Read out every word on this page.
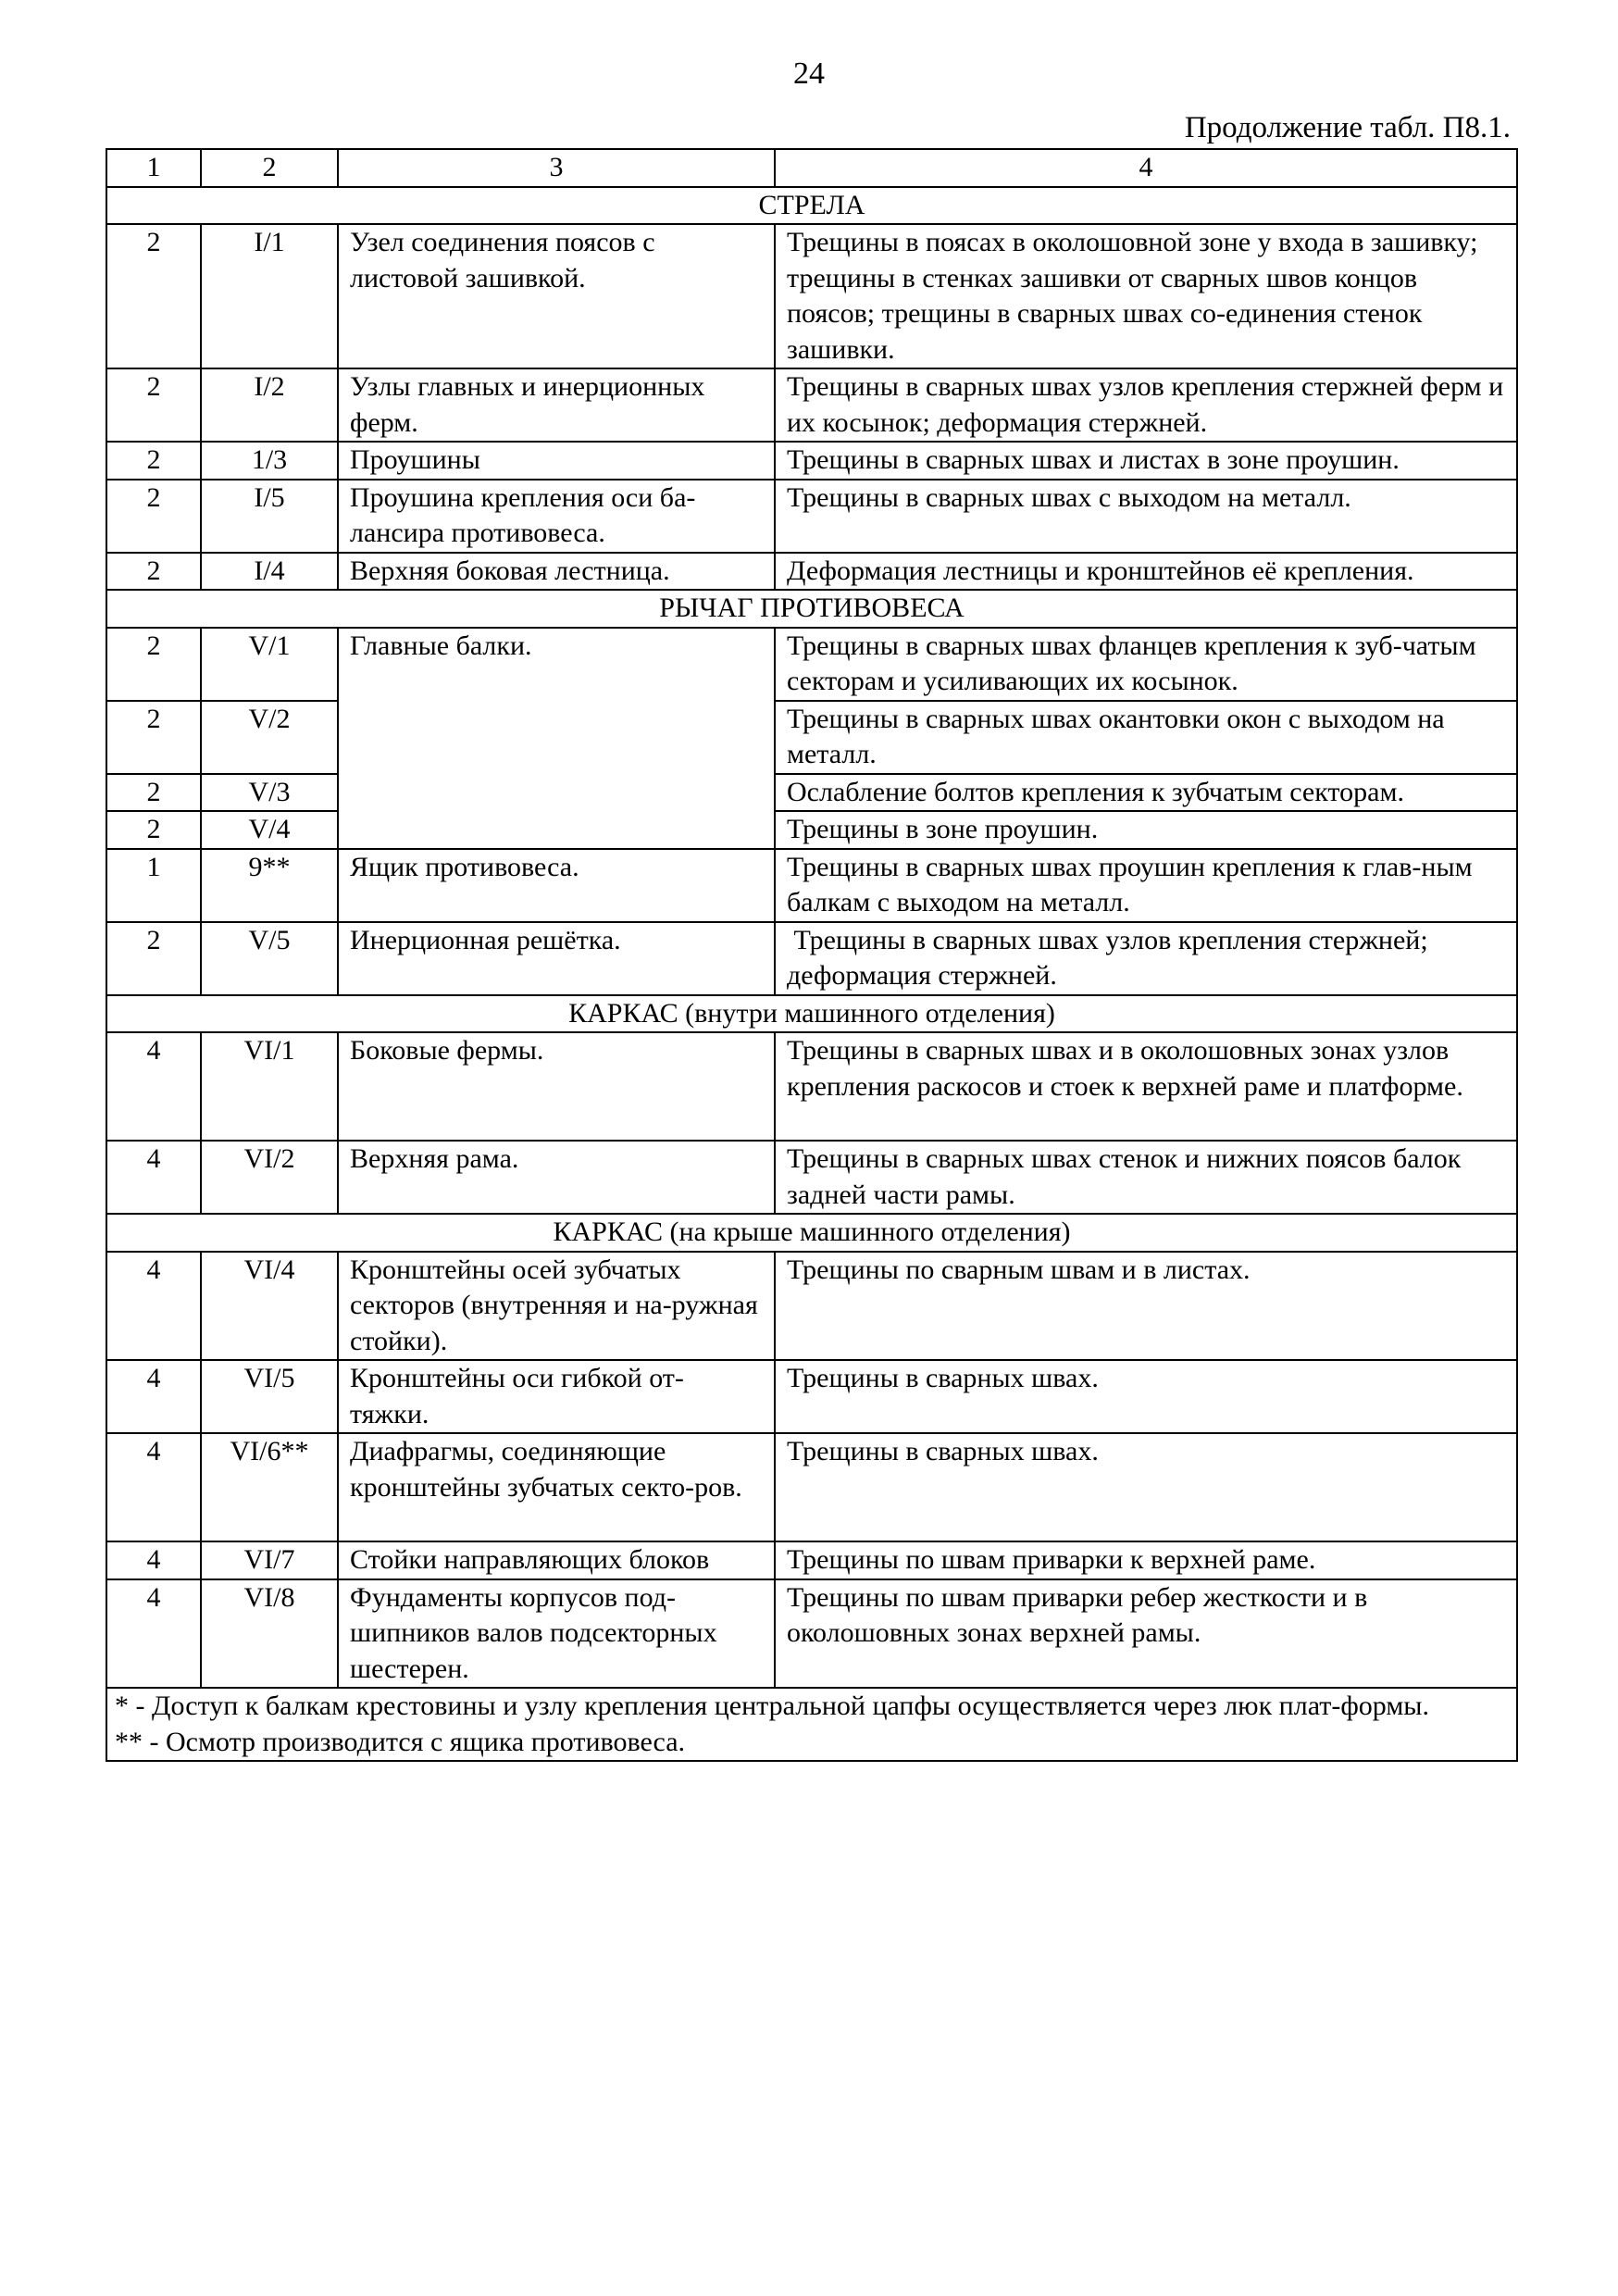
24
Продолжение табл. П8.1.
1	2	3	4
СТРЕЛА			
2	I/1	Узел соединения поясов с листовой зашивкой.	Трещины в поясах в околошовной зоне у входа в зашивку; трещины в стенках зашивки от сварных швов концов поясов; трещины в сварных швах со-единения стенок зашивки.
2	I/2	Узлы главных и инерционных ферм.	Трещины в сварных швах узлов крепления стержней ферм и их косынок; деформация стержней.
2	1/3	Проушины	Трещины в сварных швах и листах в зоне проушин.
2	I/5	Проушина крепления оси ба-лансира противовеса.	Трещины в сварных швах с выходом на металл.
2	I/4	Верхняя боковая лестница.	Деформация лестницы и кронштейнов её крепления.
РЫЧАГ ПРОТИВОВЕСА			
2	V/1	Главные балки.	Трещины в сварных швах фланцев крепления к зуб-чатым секторам и усиливающих их косынок.
2	V/2		Трещины в сварных швах окантовки окон с выходом на металл.
2	V/3		Ослабление болтов крепления к зубчатым секторам.
2	V/4		Трещины в зоне проушин.
1	9**	Ящик противовеса.	Трещины в сварных швах проушин крепления к глав-ным балкам с выходом на металл.
2	V/5	Инерционная решётка.	Трещины в сварных швах узлов крепления стержней; деформация стержней.
КАРКАС (внутри машинного отделения)			
4	VI/1	Боковые фермы.	Трещины в сварных швах и в околошовных зонах узлов крепления раскосов и стоек к верхней раме и платформе.
4	VI/2	Верхняя рама.	Трещины в сварных швах стенок и нижних поясов балок задней части рамы.
КАРКАС (на крыше машинного отделения)			
4	VI/4	Кронштейны осей зубчатых секторов (внутренняя и на-ружная стойки).	Трещины по сварным швам и в листах.
4	VI/5	Кронштейны оси гибкой от-тяжки.	Трещины в сварных швах.
4	VI/6**	Диафрагмы, соединяющие кронштейны зубчатых секто-ров.	Трещины в сварных швах.
4	VI/7	Стойки направляющих блоков	Трещины по швам приварки к верхней раме.
4	VI/8	Фундаменты корпусов под-шипников валов подсекторных шестерен.	Трещины по швам приварки ребер жесткости и в околошовных зонах верхней рамы.

* - Доступ к балкам крестовины и узлу крепления центральной цапфы осуществляется через люк плат-формы.
** - Осмотр производится с ящика противовеса.			
